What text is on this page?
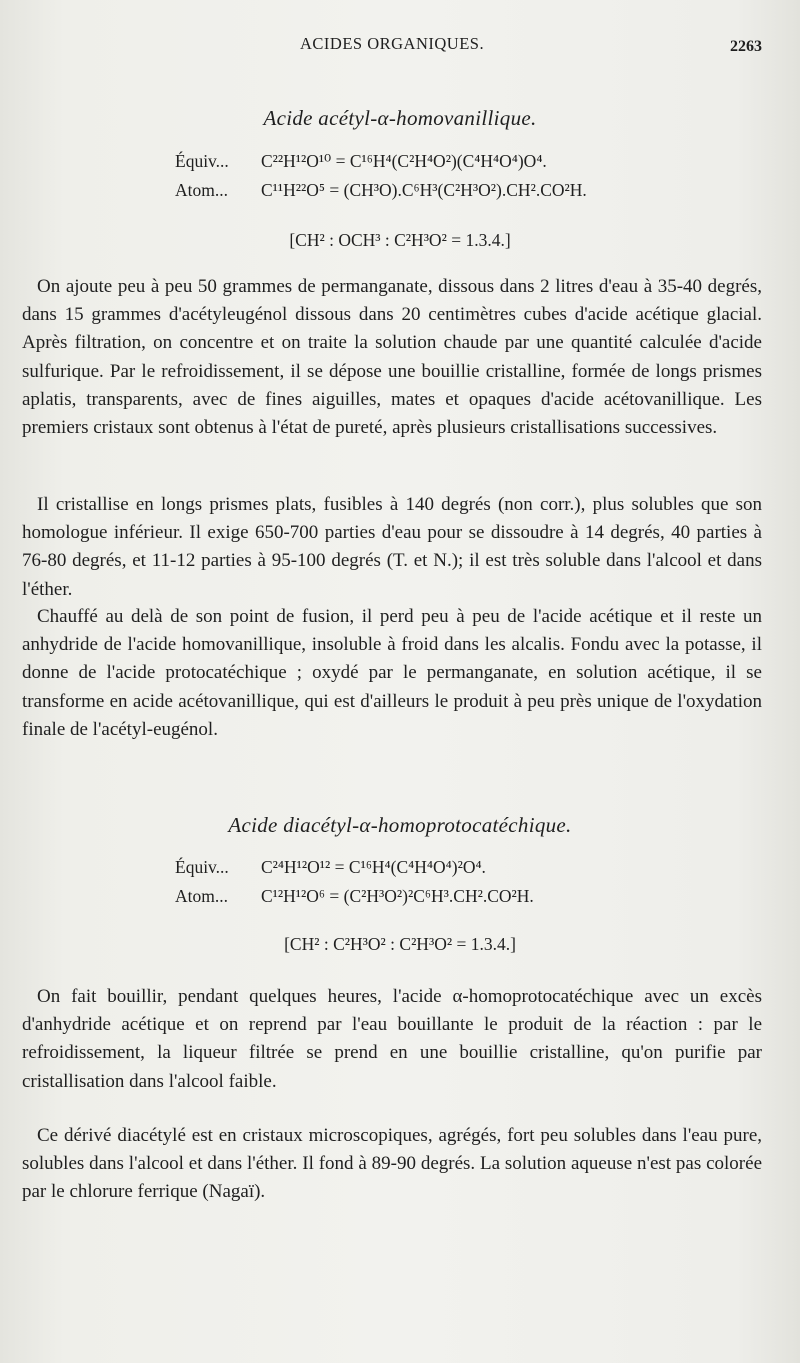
ACIDES ORGANIQUES.	2263
Acide acétyl-α-homovanillique.
Équiv... C²²H¹²O¹⁰ = C¹⁶H⁴(C²H⁴O²)(C⁴H⁴O⁴)O⁴.
Atom... C¹¹H²²O⁵ = (CH³O).C⁶H³(C²H³O²).CH².CO²H.
[CH² : OCH³ : C²H³O² = 1.3.4.]

On ajoute peu à peu 50 grammes de permanganate, dissous dans 2 litres d'eau à 35-40 degrés, dans 15 grammes d'acétyleugénol dissous dans 20 centimètres cubes d'acide acétique glacial. Après filtration, on concentre et on traite la solution chaude par une quantité calculée d'acide sulfurique. Par le refroidissement, il se dépose une bouillie cristalline, formée de longs prismes aplatis, transparents, avec de fines aiguilles, mates et opaques d'acide acétovanillique. Les premiers cristaux sont obtenus à l'état de pureté, après plusieurs cristallisations successives.

Il cristallise en longs prismes plats, fusibles à 140 degrés (non corr.), plus solubles que son homologue inférieur. Il exige 650-700 parties d'eau pour se dissoudre à 14 degrés, 40 parties à 76-80 degrés, et 11-12 parties à 95-100 degrés (T. et N.); il est très soluble dans l'alcool et dans l'éther.

Chauffé au delà de son point de fusion, il perd peu à peu de l'acide acétique et il reste un anhydride de l'acide homovanillique, insoluble à froid dans les alcalis. Fondu avec la potasse, il donne de l'acide protocatéchique ; oxydé par le permanganate, en solution acétique, il se transforme en acide acétovanillique, qui est d'ailleurs le produit à peu près unique de l'oxydation finale de l'acétyl-eugénol.

Acide diacétyl-α-homoprotocatéchique.
Équiv... C²⁴H¹²O¹² = C¹⁶H⁴(C⁴H⁴O⁴)²O⁴.
Atom... C¹²H¹²O⁶ = (C²H³O²)²C⁶H³.CH².CO²H.
[CH² : C²H³O² : C²H³O² = 1.3.4.]

On fait bouillir, pendant quelques heures, l'acide α-homoprotocatéchique avec un excès d'anhydride acétique et on reprend par l'eau bouillante le produit de la réaction : par le refroidissement, la liqueur filtrée se prend en une bouillie cristalline, qu'on purifie par cristallisation dans l'alcool faible.

Ce dérivé diacétylé est en cristaux microscopiques, agrégés, fort peu solubles dans l'eau pure, solubles dans l'alcool et dans l'éther. Il fond à 89-90 degrés. La solution aqueuse n'est pas colorée par le chlorure ferrique (Nagaï).
